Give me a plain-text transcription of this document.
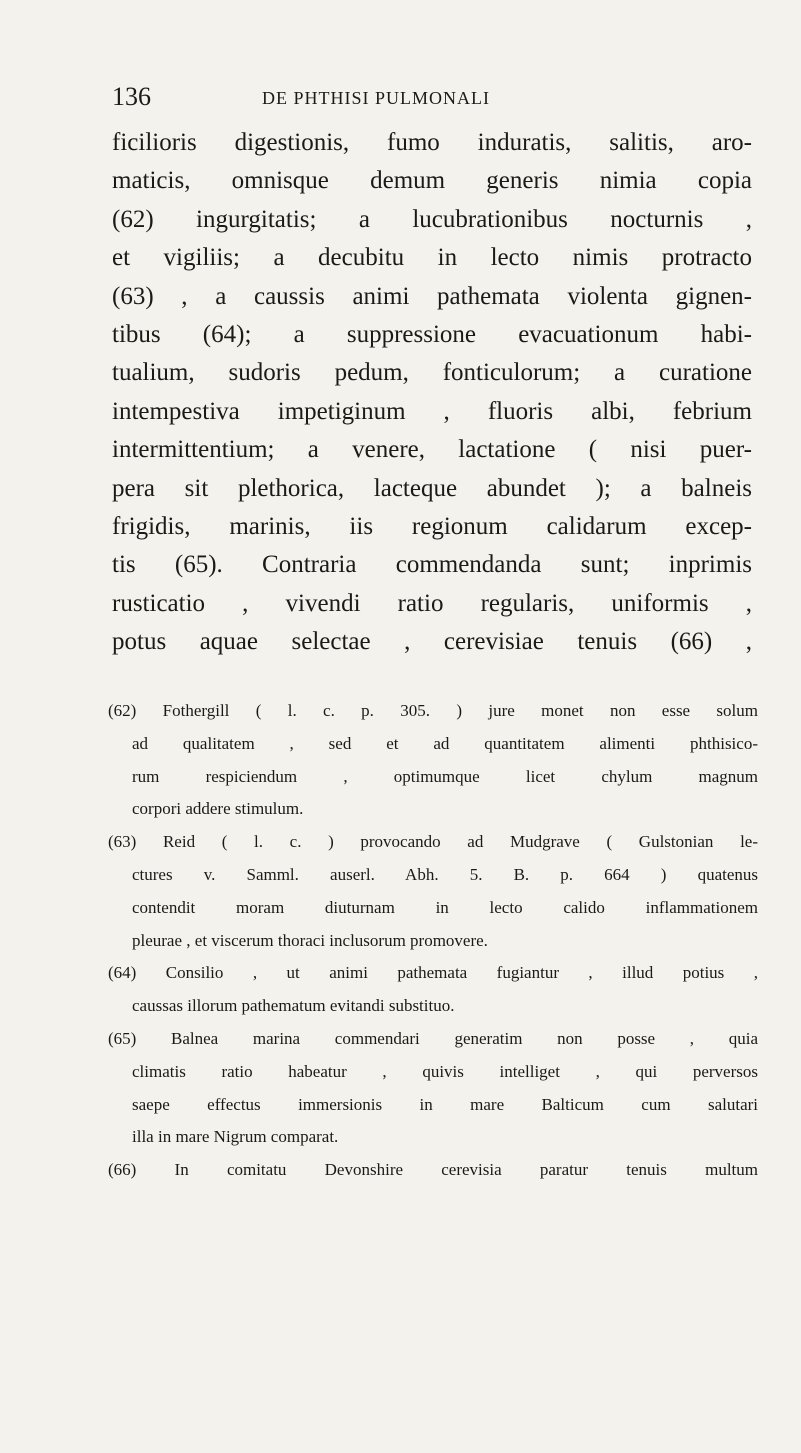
136	DE PHTHISI PULMONALI
ficilioris digestionis, fumo induratis, salitis, aro-
maticis, omnisque demum generis nimia copia
(62) ingurgitatis; a lucubrationibus nocturnis ,
et vigiliis; a decubitu in lecto nimis protracto
(63) , a caussis animi pathemata violenta gignen-
tibus (64); a suppressione evacuationum habi-
tualium, sudoris pedum, fonticulorum; a curatione
intempestiva impetiginum , fluoris albi, febrium
intermittentium; a venere, lactatione ( nisi puer-
pera sit plethorica, lacteque abundet ); a balneis
frigidis, marinis, iis regionum calidarum excep-
tis (65). Contraria commendanda sunt; inprimis
rusticatio , vivendi ratio regularis, uniformis ,
potus aquae selectae , cerevisiae tenuis (66) ,
(62) Fothergill ( l. c. p. 305. ) jure monet non esse solum
ad qualitatem , sed et ad quantitatem alimenti phthisico-
rum respiciendum , optimumque licet chylum magnum
corpori addere stimulum.
(63) Reid ( l. c. ) provocando ad Mudgrave ( Gulstonian le-
ctures v. Samml. auserl. Abh. 5. B. p. 664 ) quatenus
contendit moram diuturnam in lecto calido inflammationem
pleurae , et viscerum thoraci inclusorum promovere.
(64) Consilio , ut animi pathemata fugiantur , illud potius ,
caussas illorum pathematum evitandi substituo.
(65) Balnea marina commendari generatim non posse , quia
climatis ratio habeatur , quivis intelliget , qui perversos
saepe effectus immersionis in mare Balticum cum salutari
illa in mare Nigrum comparat.
(66) In comitatu Devonshire cerevisia paratur tenuis multum
